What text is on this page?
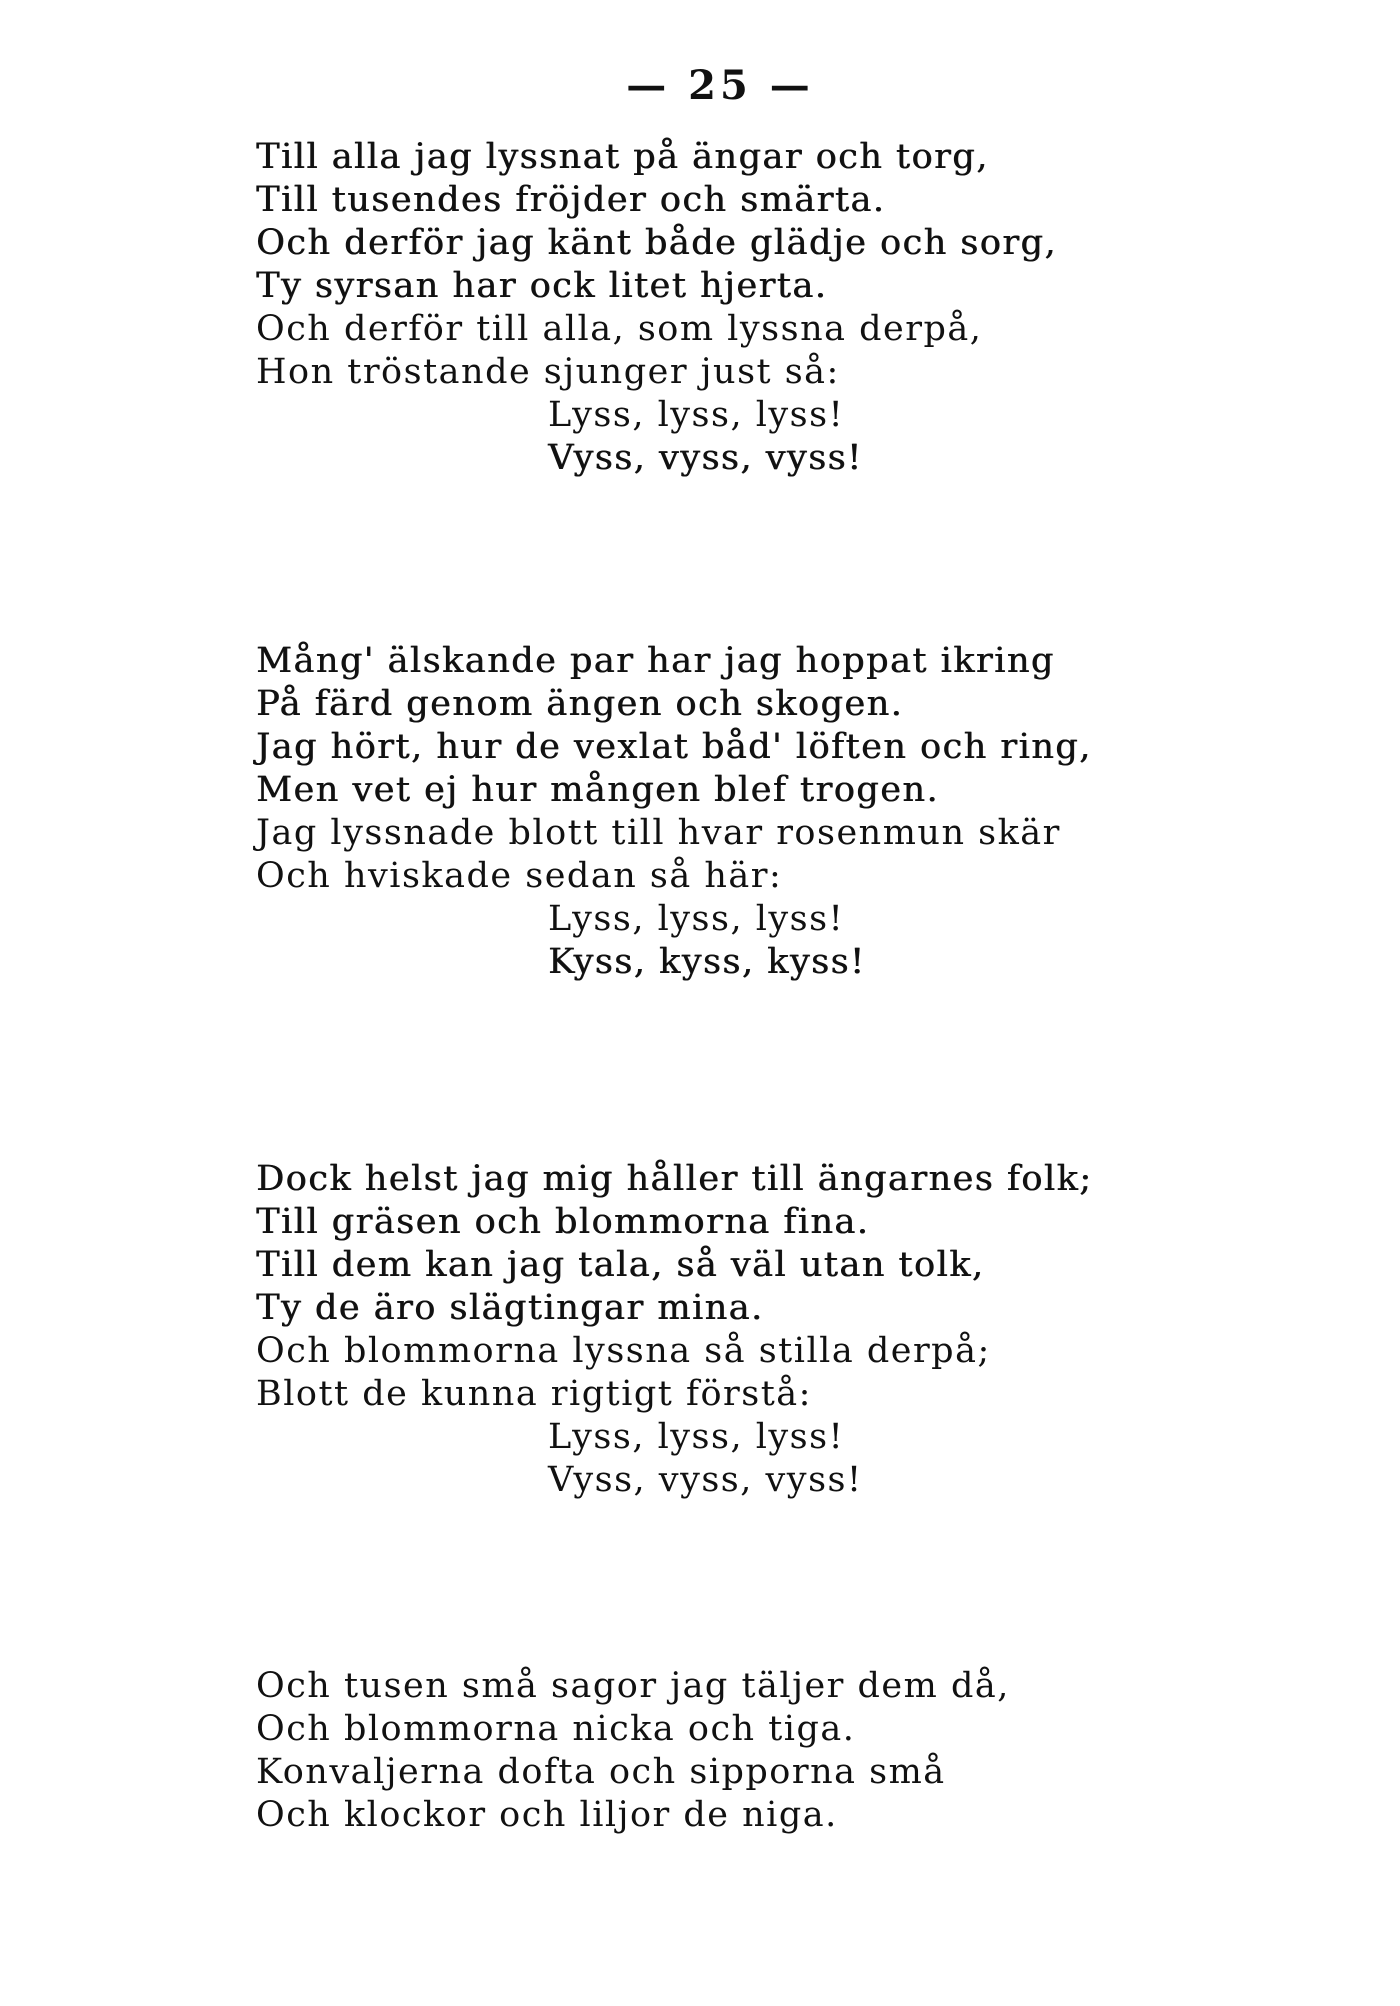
— 25 —
Till alla jag lyssnat på ängar och torg,
Till tusendes fröjder och smärta.
Och derför jag känt både glädje och sorg,
Ty syrsan har ock litet hjerta.
Och derför till alla, som lyssna derpå,
Hon tröstande sjunger just så:
Lyss, lyss, lyss!
Vyss, vyss, vyss!
Mång' älskande par har jag hoppat ikring
På färd genom ängen och skogen.
Jag hört, hur de vexlat båd' löften och ring,
Men vet ej hur mången blef trogen.
Jag lyssnade blott till hvar rosenmun skär
Och hviskade sedan så här:
Lyss, lyss, lyss!
Kyss, kyss, kyss!
Dock helst jag mig håller till ängarnes folk;
Till gräsen och blommorna fina.
Till dem kan jag tala, så väl utan tolk,
Ty de äro slägtingar mina.
Och blommorna lyssna så stilla derpå;
Blott de kunna rigtigt förstå:
Lyss, lyss, lyss!
Vyss, vyss, vyss!
Och tusen små sagor jag täljer dem då,
Och blommorna nicka och tiga.
Konvaljerna dofta och sipporna små
Och klockor och liljor de niga.
